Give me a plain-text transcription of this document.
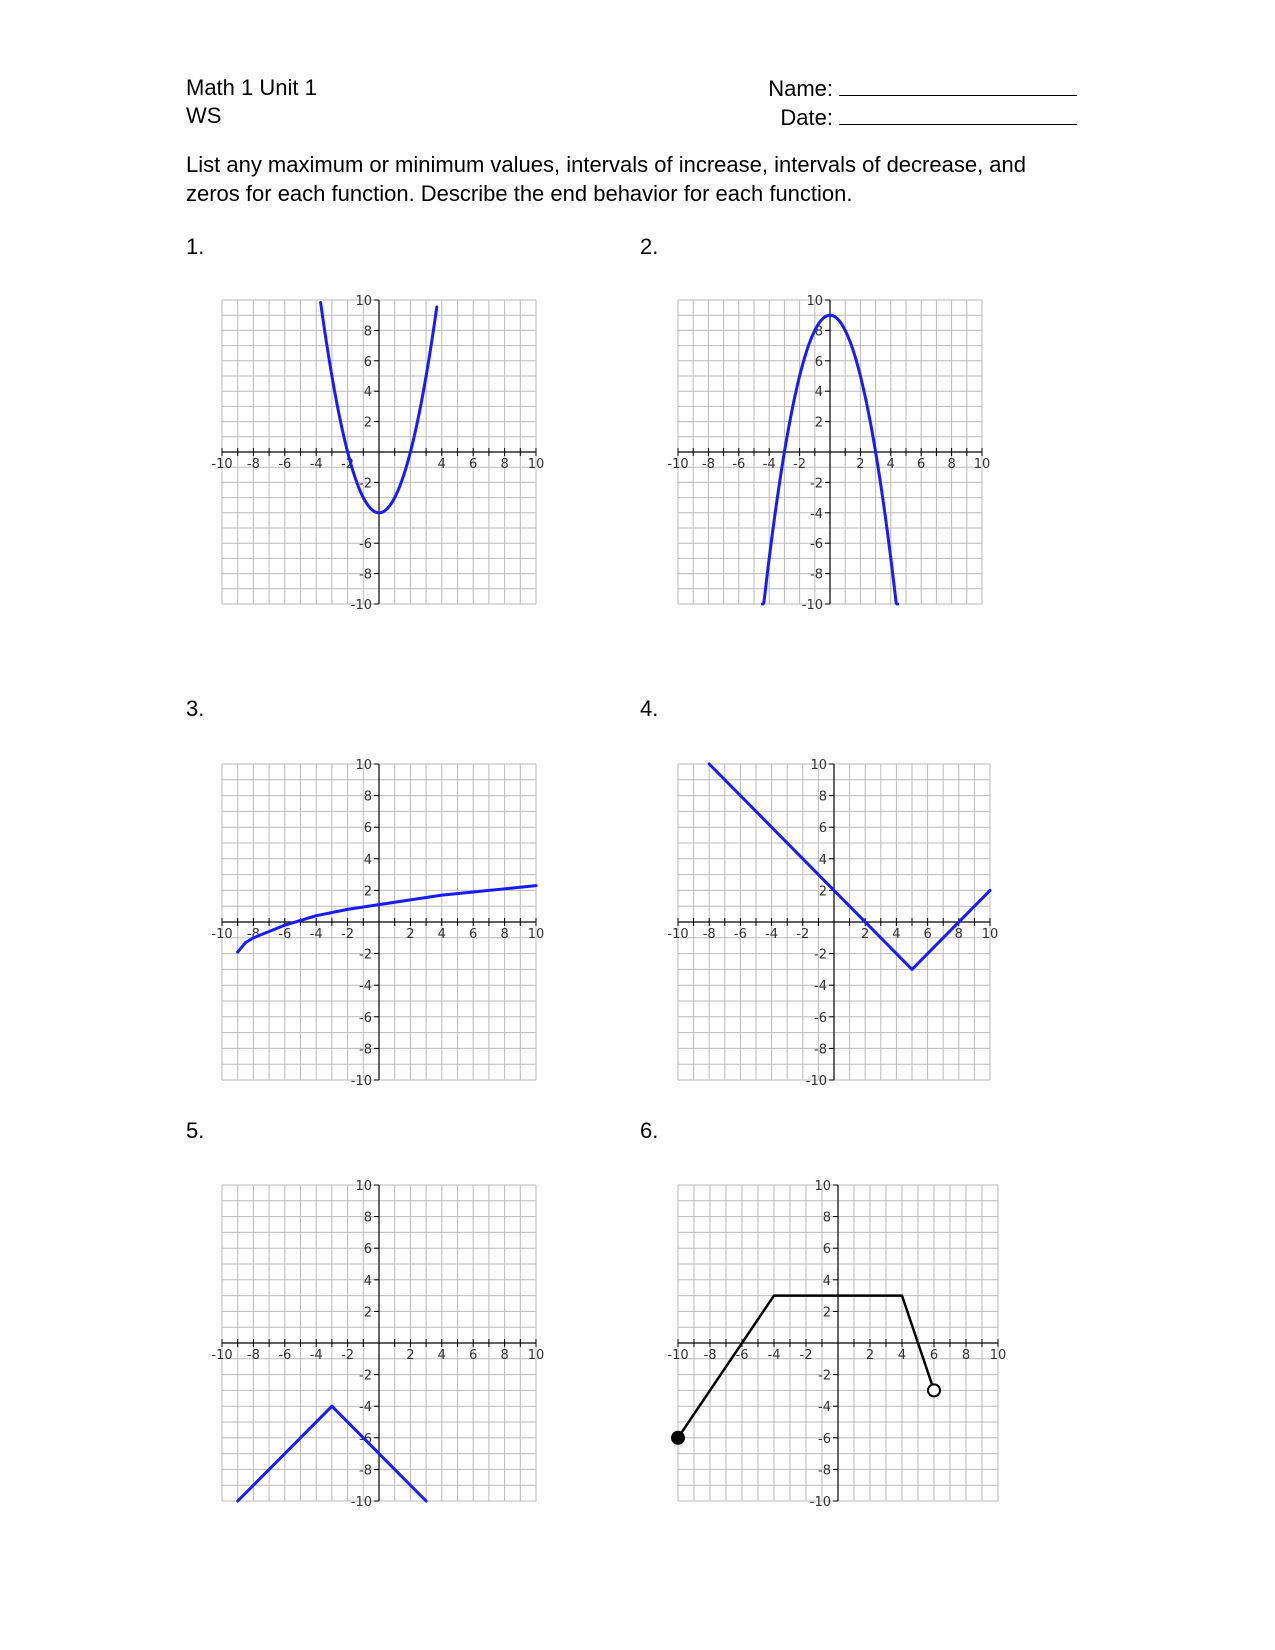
Math 1 Unit 1
WS
Name:
Date:
List any maximum or minimum values, intervals of increase, intervals of decrease, and zeros for each function. Describe the end behavior for each function.
1.	2.
3.	4.
5.	6.
-10 -8 -6 -4 -2	4 6 8 10
10
8
6
4
2
-2
-6
-8
-10
-10 -8 -6 -4 -2	2 4 6 8 10
10
8
6
4
2
-2
-4
-6
-8
-10
-10 -8 -6 -4 -2	2 4 6 8 10
10
8
6
4
2
-2
-4
-6
-8
-10
-10 -8 -6 -4 -2	2 4 6 8 10
10
8
6
4
2
-2
-4
-6
-8
-10
-10 -8 -6 -4 -2	2 4 6 8 10
10
8
6
4
2
-2
-4
-6
-8
-10
-10 -8 -6 -4 -2	2 4 6 8 10
10
8
6
4
2
-2
-4
-6
-8
-10
